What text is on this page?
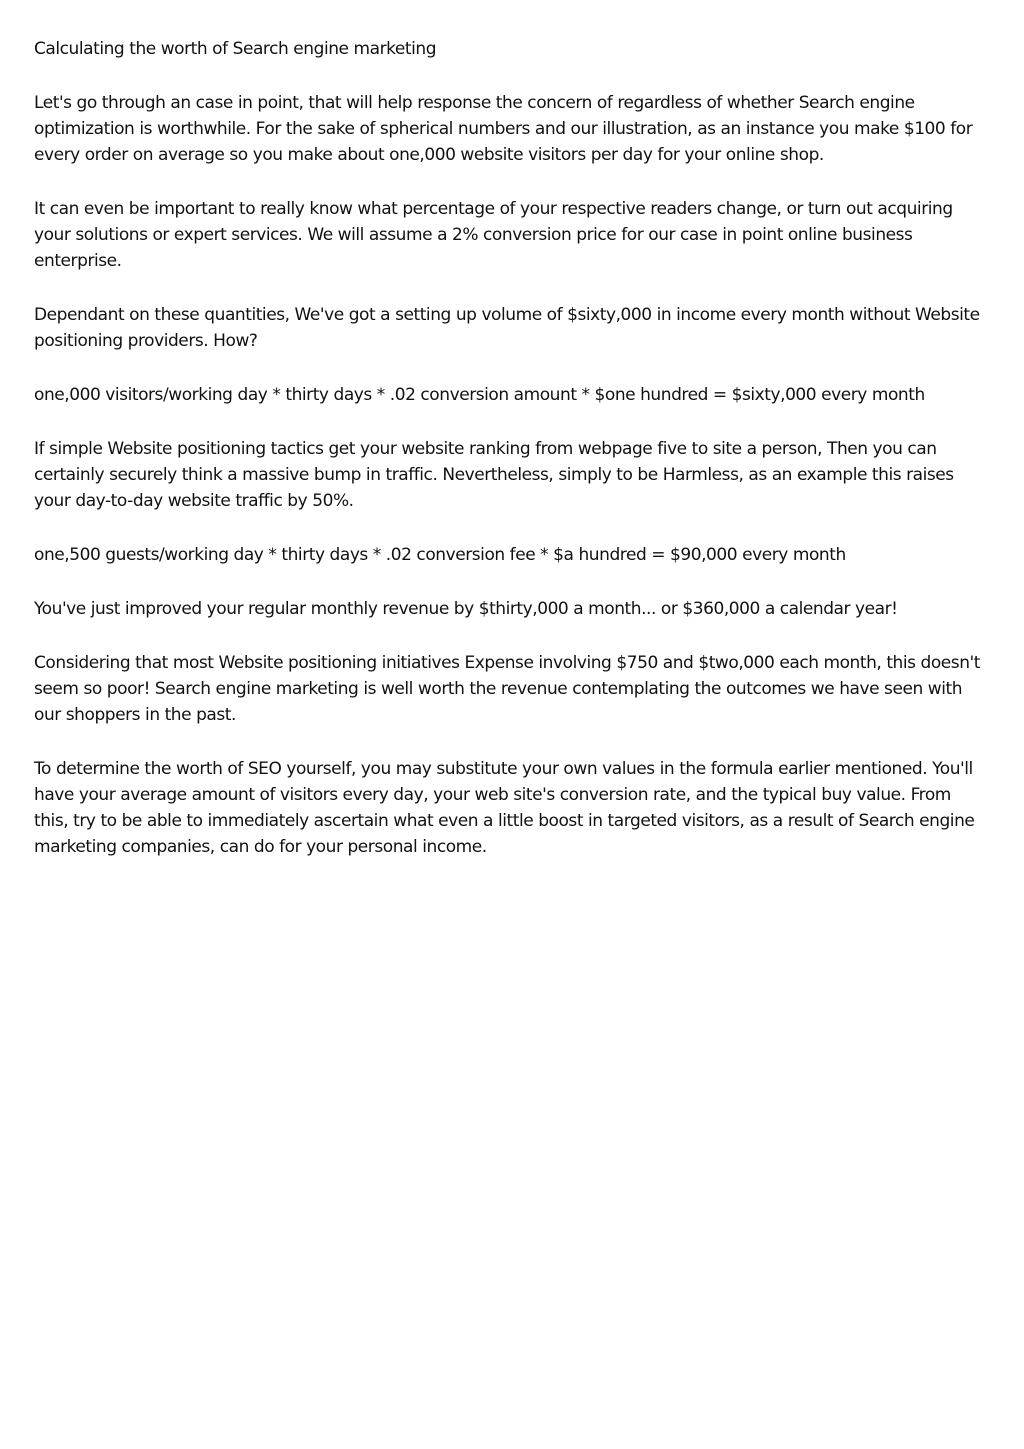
Calculating the worth of Search engine marketing

Let's go through an case in point, that will help response the concern of regardless of whether Search engine optimization is worthwhile. For the sake of spherical numbers and our illustration, as an instance you make $100 for every order on average so you make about one,000 website visitors per day for your online shop.

It can even be important to really know what percentage of your respective readers change, or turn out acquiring your solutions or expert services. We will assume a 2% conversion price for our case in point online business enterprise.

Dependant on these quantities, We've got a setting up volume of $sixty,000 in income every month without Website positioning providers. How?

one,000 visitors/working day * thirty days * .02 conversion amount * $one hundred = $sixty,000 every month

If simple Website positioning tactics get your website ranking from webpage five to site a person, Then you can certainly securely think a massive bump in traffic. Nevertheless, simply to be Harmless, as an example this raises your day-to-day website traffic by 50%.

one,500 guests/working day * thirty days * .02 conversion fee * $a hundred = $90,000 every month

You've just improved your regular monthly revenue by $thirty,000 a month... or $360,000 a calendar year!

Considering that most Website positioning initiatives Expense involving $750 and $two,000 each month, this doesn't seem so poor! Search engine marketing is well worth the revenue contemplating the outcomes we have seen with our shoppers in the past.

To determine the worth of SEO yourself, you may substitute your own values in the formula earlier mentioned. You'll have your average amount of visitors every day, your web site's conversion rate, and the typical buy value. From this, try to be able to immediately ascertain what even a little boost in targeted visitors, as a result of Search engine marketing companies, can do for your personal income.
